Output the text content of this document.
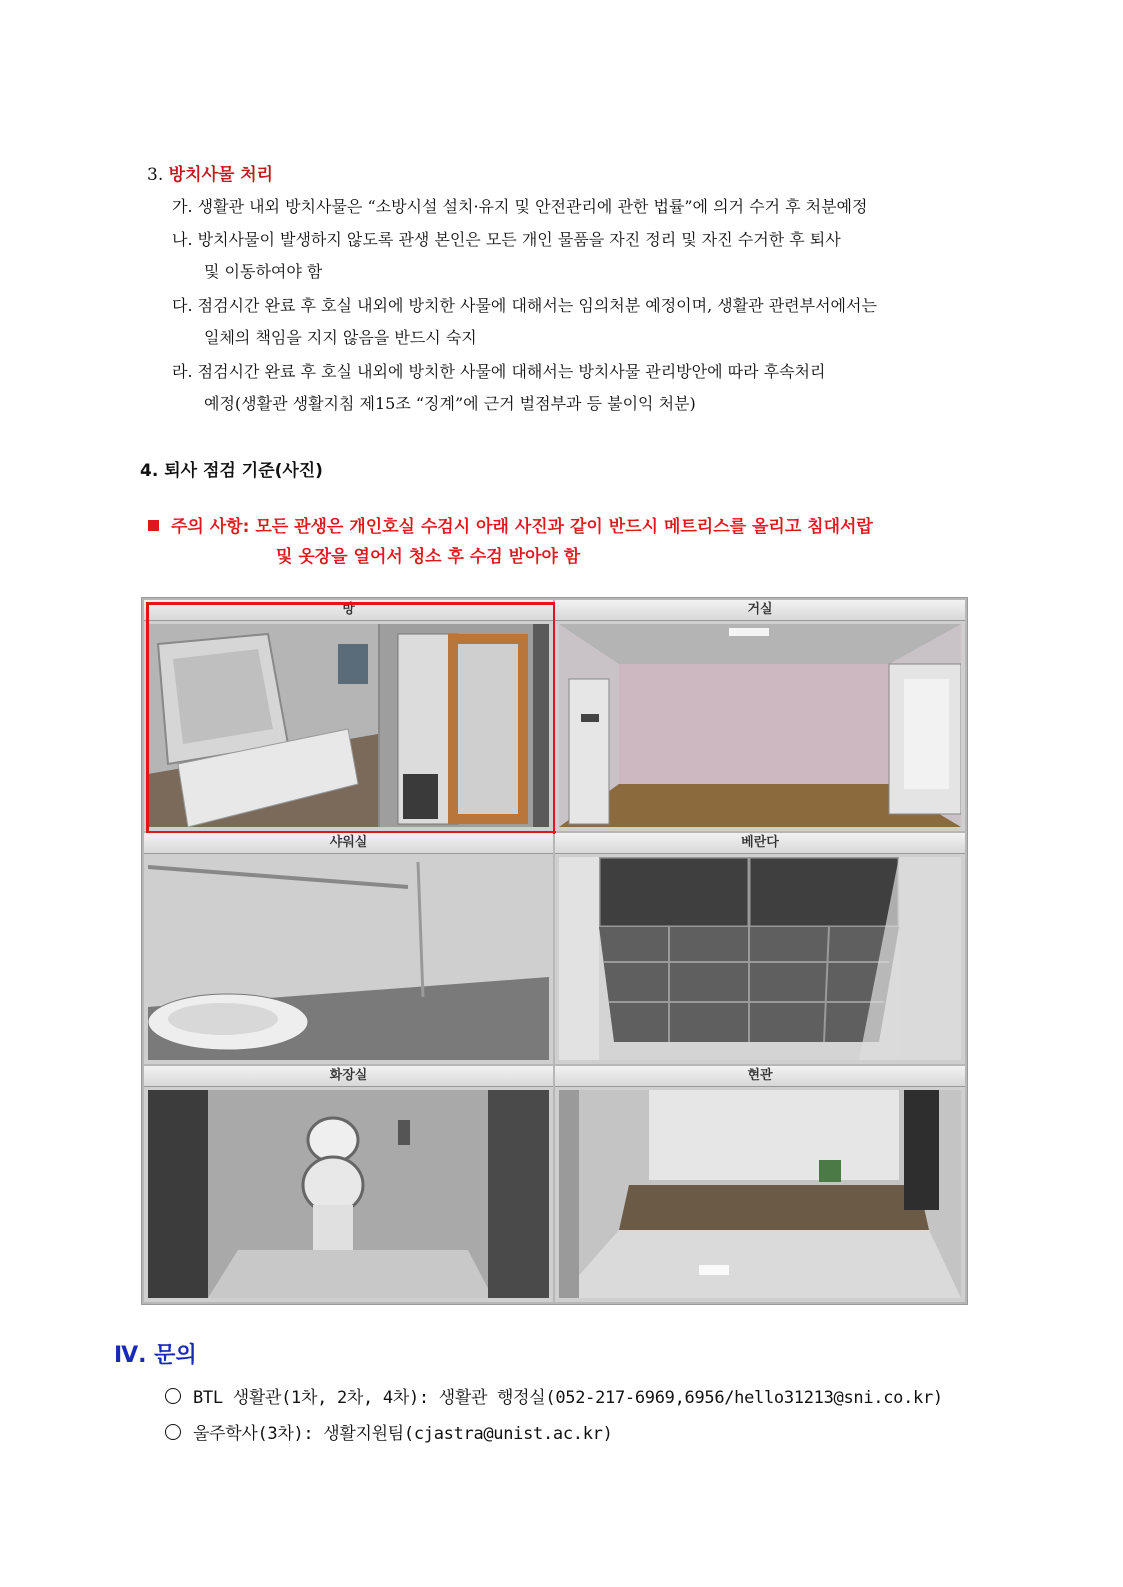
3. 방치사물 처리
가. 생활관 내외 방치사물은 “소방시설 설치·유지 및 안전관리에 관한 법률”에 의거 수거 후 처분예정
나. 방치사물이 발생하지 않도록 관생 본인은 모든 개인 물품을 자진 정리 및 자진 수거한 후 퇴사
및 이동하여야 함
다. 점검시간 완료 후 호실 내외에 방치한 사물에 대해서는 임의처분 예정이며, 생활관 관련부서에서는
일체의 책임을 지지 않음을 반드시 숙지
라. 점검시간 완료 후 호실 내외에 방치한 사물에 대해서는 방치사물 관리방안에 따라 후속처리
예정(생활관 생활지침 제15조 “징계”에 근거 벌점부과 등 불이익 처분)
4. 퇴사 점검 기준(사진)
주의 사항: 모든 관생은 개인호실 수검시 아래 사진과 같이 반드시 메트리스를 올리고 침대서랍
및 옷장을 열어서 청소 후 수검 받아야 함
방	거실
샤워실	베란다
화장실	현관
Ⅳ. 문의
BTL 생활관(1차, 2차, 4차): 생활관 행정실(052-217-6969,6956/hello31213@sni.co.kr)
울주학사(3차): 생활지원팀(cjastra@unist.ac.kr)
